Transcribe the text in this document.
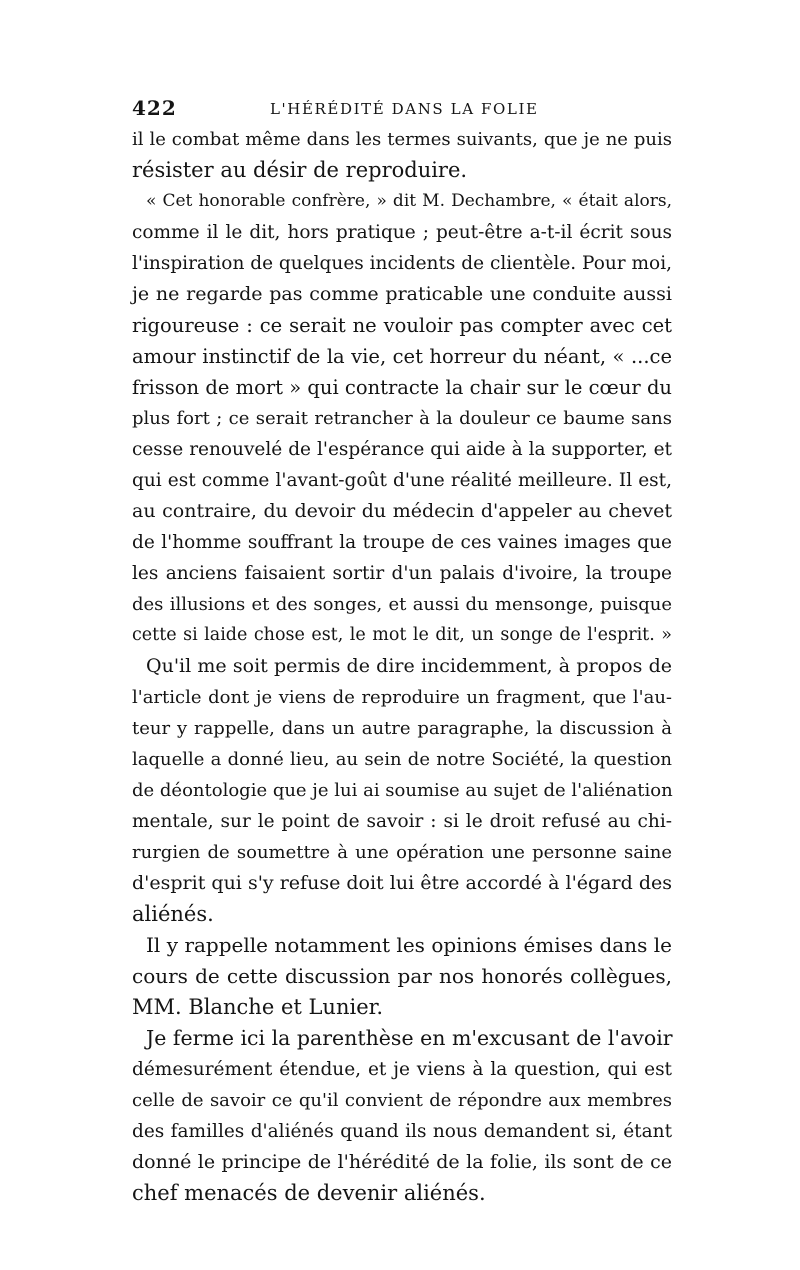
422	L'HÉRÉDITÉ DANS LA FOLIE
il le combat même dans les termes suivants, que je ne puis
résister au désir de reproduire.
« Cet honorable confrère, » dit M. Dechambre, « était alors,
comme il le dit, hors pratique ; peut-être a-t-il écrit sous
l'inspiration de quelques incidents de clientèle. Pour moi,
je ne regarde pas comme praticable une conduite aussi
rigoureuse : ce serait ne vouloir pas compter avec cet
amour instinctif de la vie, cet horreur du néant, « ...ce
frisson de mort » qui contracte la chair sur le cœur du
plus fort ; ce serait retrancher à la douleur ce baume sans
cesse renouvelé de l'espérance qui aide à la supporter, et
qui est comme l'avant-goût d'une réalité meilleure. Il est,
au contraire, du devoir du médecin d'appeler au chevet
de l'homme souffrant la troupe de ces vaines images que
les anciens faisaient sortir d'un palais d'ivoire, la troupe
des illusions et des songes, et aussi du mensonge, puisque
cette si laide chose est, le mot le dit, un songe de l'esprit. »
Qu'il me soit permis de dire incidemment, à propos de
l'article dont je viens de reproduire un fragment, que l'au-
teur y rappelle, dans un autre paragraphe, la discussion à
laquelle a donné lieu, au sein de notre Société, la question
de déontologie que je lui ai soumise au sujet de l'aliénation
mentale, sur le point de savoir : si le droit refusé au chi-
rurgien de soumettre à une opération une personne saine
d'esprit qui s'y refuse doit lui être accordé à l'égard des
aliénés.
Il y rappelle notamment les opinions émises dans le
cours de cette discussion par nos honorés collègues,
MM. Blanche et Lunier.
Je ferme ici la parenthèse en m'excusant de l'avoir
démesurément étendue, et je viens à la question, qui est
celle de savoir ce qu'il convient de répondre aux membres
des familles d'aliénés quand ils nous demandent si, étant
donné le principe de l'hérédité de la folie, ils sont de ce
chef menacés de devenir aliénés.
